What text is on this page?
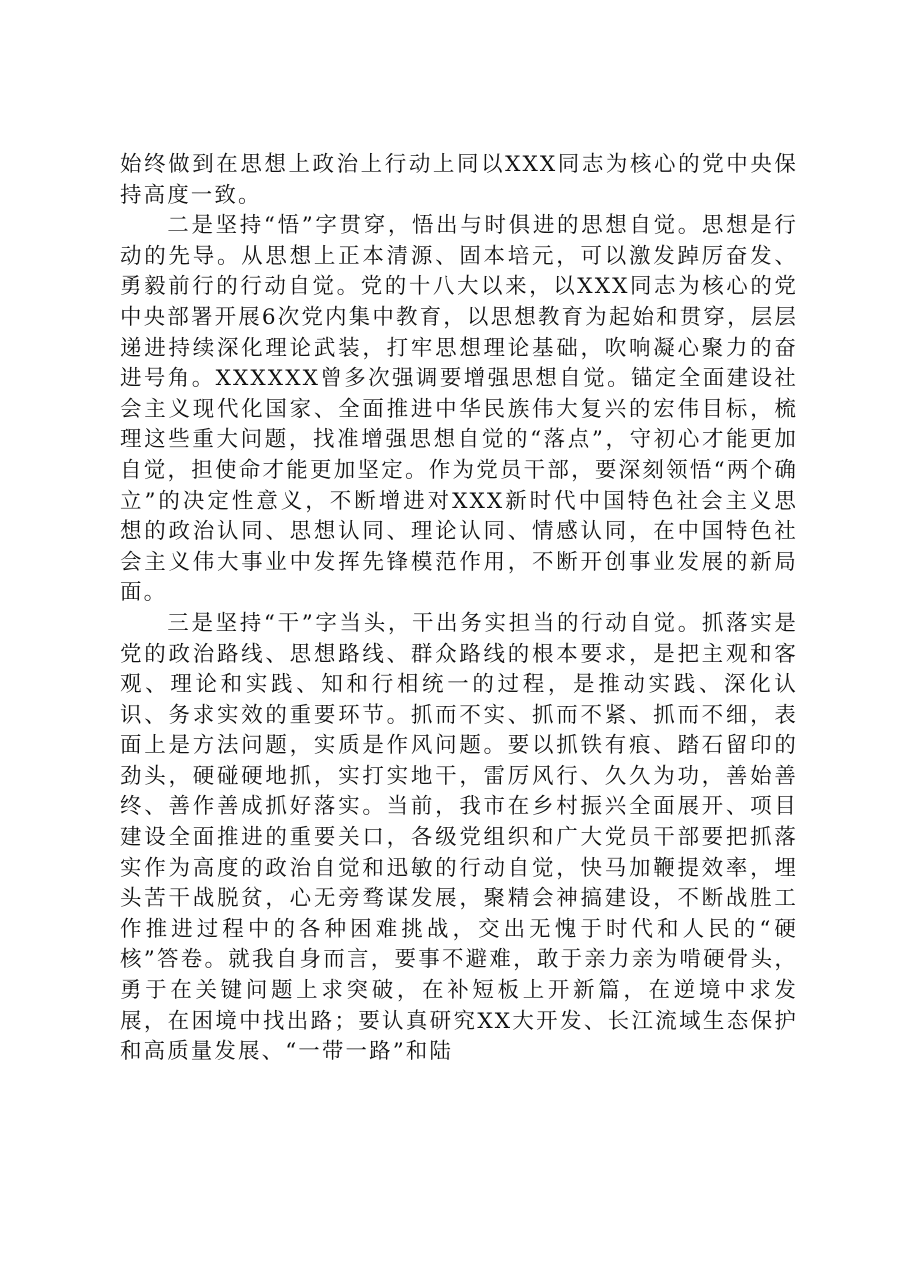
始终做到在思想上政治上行动上同以XXX同志为核心的党中央保持高度一致。

二是坚持“悟”字贯穿，悟出与时俱进的思想自觉。思想是行动的先导。从思想上正本清源、固本培元，可以激发踔厉奋发、勇毅前行的行动自觉。党的十八大以来，以XXX同志为核心的党中央部署开展6次党内集中教育，以思想教育为起始和贯穿，层层递进持续深化理论武装，打牢思想理论基础，吹响凝心聚力的奋进号角。XXXXXX曾多次强调要增强思想自觉。锚定全面建设社会主义现代化国家、全面推进中华民族伟大复兴的宏伟目标，梳理这些重大问题，找准增强思想自觉的“落点”，守初心才能更加自觉，担使命才能更加坚定。作为党员干部，要深刻领悟“两个确立”的决定性意义，不断增进对XXX新时代中国特色社会主义思想的政治认同、思想认同、理论认同、情感认同，在中国特色社会主义伟大事业中发挥先锋模范作用，不断开创事业发展的新局面。

三是坚持“干”字当头，干出务实担当的行动自觉。抓落实是党的政治路线、思想路线、群众路线的根本要求，是把主观和客观、理论和实践、知和行相统一的过程，是推动实践、深化认识、务求实效的重要环节。抓而不实、抓而不紧、抓而不细，表面上是方法问题，实质是作风问题。要以抓铁有痕、踏石留印的劲头，硬碰硬地抓，实打实地干，雷厉风行、久久为功，善始善终、善作善成抓好落实。当前，我市在乡村振兴全面展开、项目建设全面推进的重要关口，各级党组织和广大党员干部要把抓落实作为高度的政治自觉和迅敏的行动自觉，快马加鞭提效率，埋头苦干战脱贫，心无旁骛谋发展，聚精会神搞建设，不断战胜工作推进过程中的各种困难挑战，交出无愧于时代和人民的“硬核”答卷。就我自身而言，要事不避难，敢于亲力亲为啃硬骨头，勇于在关键问题上求突破，在补短板上开新篇，在逆境中求发展，在困境中找出路；要认真研究XX大开发、长江流域生态保护和高质量发展、“一带一路”和陆
